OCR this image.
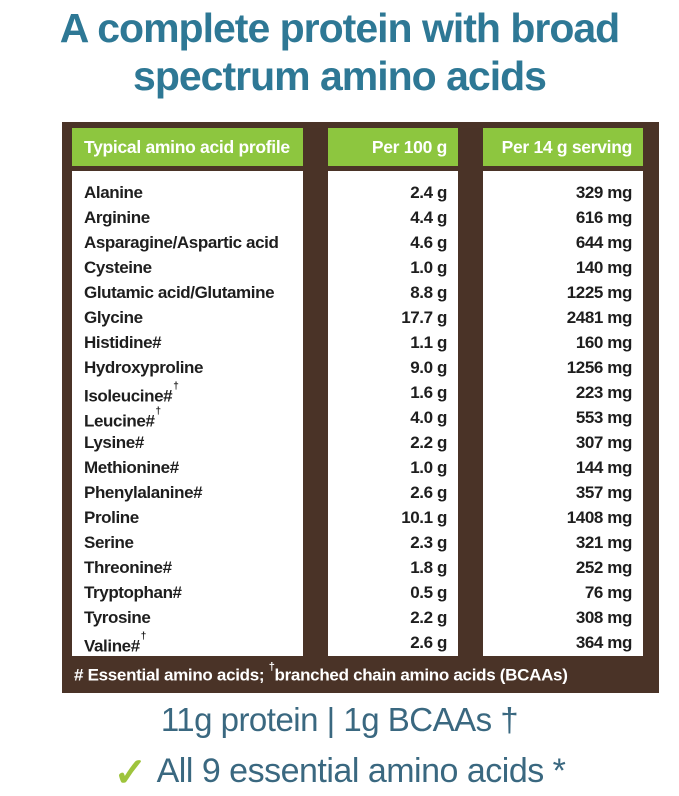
A complete protein with broad
spectrum amino acids
Typical amino acid profile
Alanine
Arginine
Asparagine/Aspartic acid
Cysteine
Glutamic acid/Glutamine
Glycine
Histidine#
Hydroxyproline
Isoleucine#†
Leucine#†
Lysine#
Methionine#
Phenylalanine#
Proline
Serine
Threonine#
Tryptophan#
Tyrosine
Valine#†
Per 100 g
2.4 g
4.4 g
4.6 g
1.0 g
8.8 g
17.7 g
1.1 g
9.0 g
1.6 g
4.0 g
2.2 g
1.0 g
2.6 g
10.1 g
2.3 g
1.8 g
0.5 g
2.2 g
2.6 g
Per 14 g serving
329 mg
616 mg
644 mg
140 mg
1225 mg
2481 mg
160 mg
1256 mg
223 mg
553 mg
307 mg
144 mg
357 mg
1408 mg
321 mg
252 mg
76 mg
308 mg
364 mg
# Essential amino acids; †branched chain amino acids (BCAAs)
11g protein | 1g BCAAs †
✓ All 9 essential amino acids *
